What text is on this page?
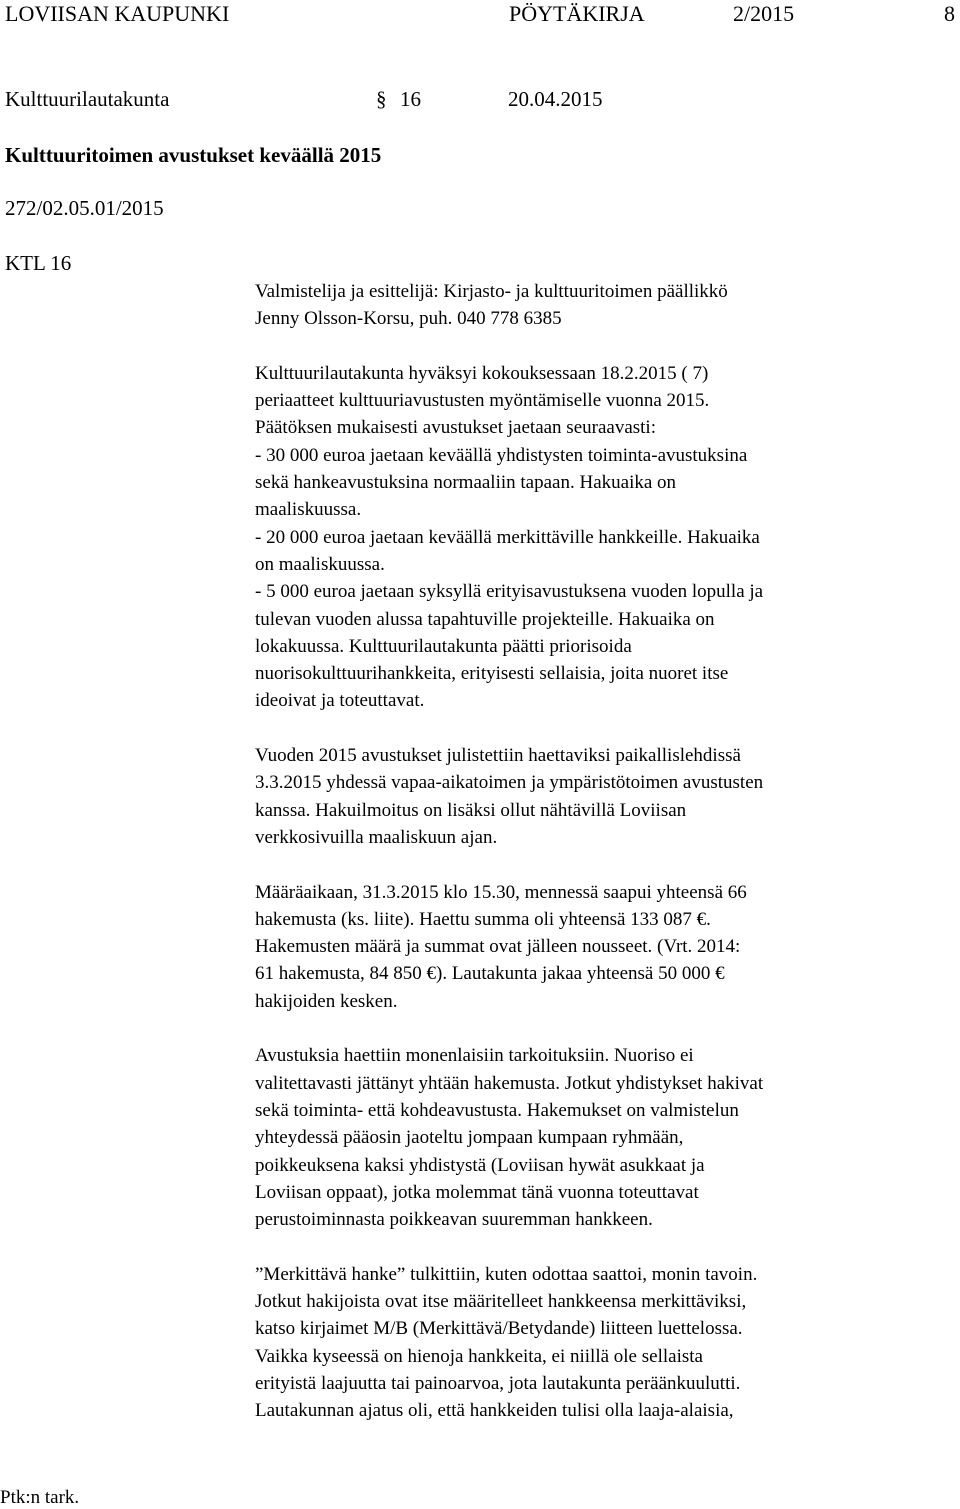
LOVIISAN KAUPUNKI	PÖYTÄKIRJA	2/2015	8
Kulttuurilautakunta	§ 16	20.04.2015
Kulttuuritoimen avustukset keväällä 2015
272/02.05.01/2015
KTL 16
Valmistelija ja esittelijä: Kirjasto- ja kulttuuritoimen päällikkö
Jenny Olsson-Korsu, puh. 040 778 6385
Kulttuurilautakunta hyväksyi kokouksessaan 18.2.2015 ( 7)
periaatteet kulttuuriavustusten myöntämiselle vuonna 2015.
Päätöksen mukaisesti avustukset jaetaan seuraavasti:
- 30 000 euroa jaetaan keväällä yhdistysten toiminta-avustuksina
sekä hankeavustuksina normaaliin tapaan. Hakuaika on
maaliskuussa.
- 20 000 euroa jaetaan keväällä merkittäville hankkeille. Hakuaika
on maaliskuussa.
- 5 000 euroa jaetaan syksyllä erityisavustuksena vuoden lopulla ja
tulevan vuoden alussa tapahtuville projekteille. Hakuaika on
lokakuussa. Kulttuurilautakunta päätti priorisoida
nuorisokulttuurihankkeita, erityisesti sellaisia, joita nuoret itse
ideoivat ja toteuttavat.
Vuoden 2015 avustukset julistettiin haettaviksi paikallislehdissä
3.3.2015 yhdessä vapaa-aikatoimen ja ympäristötoimen avustusten
kanssa. Hakuilmoitus on lisäksi ollut nähtävillä Loviisan
verkkosivuilla maaliskuun ajan.
Määräaikaan, 31.3.2015 klo 15.30, mennessä saapui yhteensä 66
hakemusta (ks. liite). Haettu summa oli yhteensä 133 087 €.
Hakemusten määrä ja summat ovat jälleen nousseet. (Vrt. 2014:
61 hakemusta, 84 850 €). Lautakunta jakaa yhteensä 50 000 €
hakijoiden kesken.
Avustuksia haettiin monenlaisiin tarkoituksiin. Nuoriso ei
valitettavasti jättänyt yhtään hakemusta. Jotkut yhdistykset hakivat
sekä toiminta- että kohdeavustusta. Hakemukset on valmistelun
yhteydessä pääosin jaoteltu jompaan kumpaan ryhmään,
poikkeuksena kaksi yhdistystä (Loviisan hywät asukkaat ja
Loviisan oppaat), jotka molemmat tänä vuonna toteuttavat
perustoiminnasta poikkeavan suuremman hankkeen.
”Merkittävä hanke” tulkittiin, kuten odottaa saattoi, monin tavoin.
Jotkut hakijoista ovat itse määritelleet hankkeensa merkittäviksi,
katso kirjaimet M/B (Merkittävä/Betydande) liitteen luettelossa.
Vaikka kyseessä on hienoja hankkeita, ei niillä ole sellaista
erityistä laajuutta tai painoarvoa, jota lautakunta peräänkuulutti.
Lautakunnan ajatus oli, että hankkeiden tulisi olla laaja-alaisia,
Ptk:n tark.
